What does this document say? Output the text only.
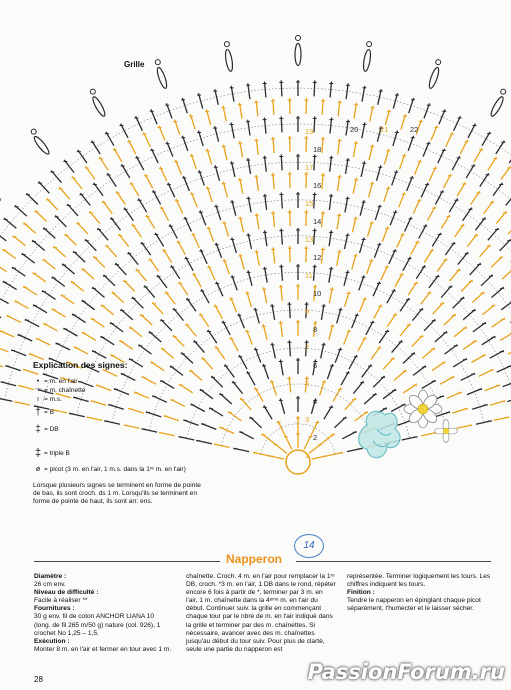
1
2
3
4
5
6
7
8
9
10
11
12
13
14
15
16
17
18
19	20	21	22
Grille
Explication des signes:
• = m. en l'air
⌒ = m. chaînette
ı = m.s.
† = B
‡ = DB
‡ = triple B
ø = picot (3 m. en l'air, 1 m.s. dans la 1ʳᵉ m. en l'air)
Lorsque plusieurs signes se terminent en forme de pointe de bas, ils sont croch. ds 1 m. Lorsqu'ils se terminent en forme de pointe de haut, ils sont arr. ens.
Napperon
14
Diamètre :
26 cm env.
Niveau de difficulté :
Facile à réaliser **
Fournitures :
30 g env. fil de coton ANCHOR LIANA 10 (long. de fil 265 m/50 g) nature (col. 926), 1 crochet No 1,25 – 1,5.
Exécution :
Monter 8 m. en l'air et fermer en tour avec 1 m.
chaînette. Croch. 4 m. en l'air pour remplacer la 1ʳᵉ DB, croch. *3 m. en l'air, 1 DB dans le rond, répéter encore 6 fois à partir de *, terminer par 3 m. en l'air, 1 m. chaînette dans la 4ᵉᵐᵉ m. en l'air du début. Continuer suiv. la grille en commençant chaque tour par le nbre de m. en l'air indiqué dans la grille et terminer par des m. chaînettes. Si nécessaire, avancer avec des m. chaînettes jusqu'au début du tour suiv. Pour plus de clarté, seule une partie du napperon est
représentée. Terminer logiquement les tours. Les chiffres indiquent les tours.
Finition :
Tendre le napperon en épinglant chaque picot séparément, l'humecter et le laisser sécher.
28	PassionForum.ru
